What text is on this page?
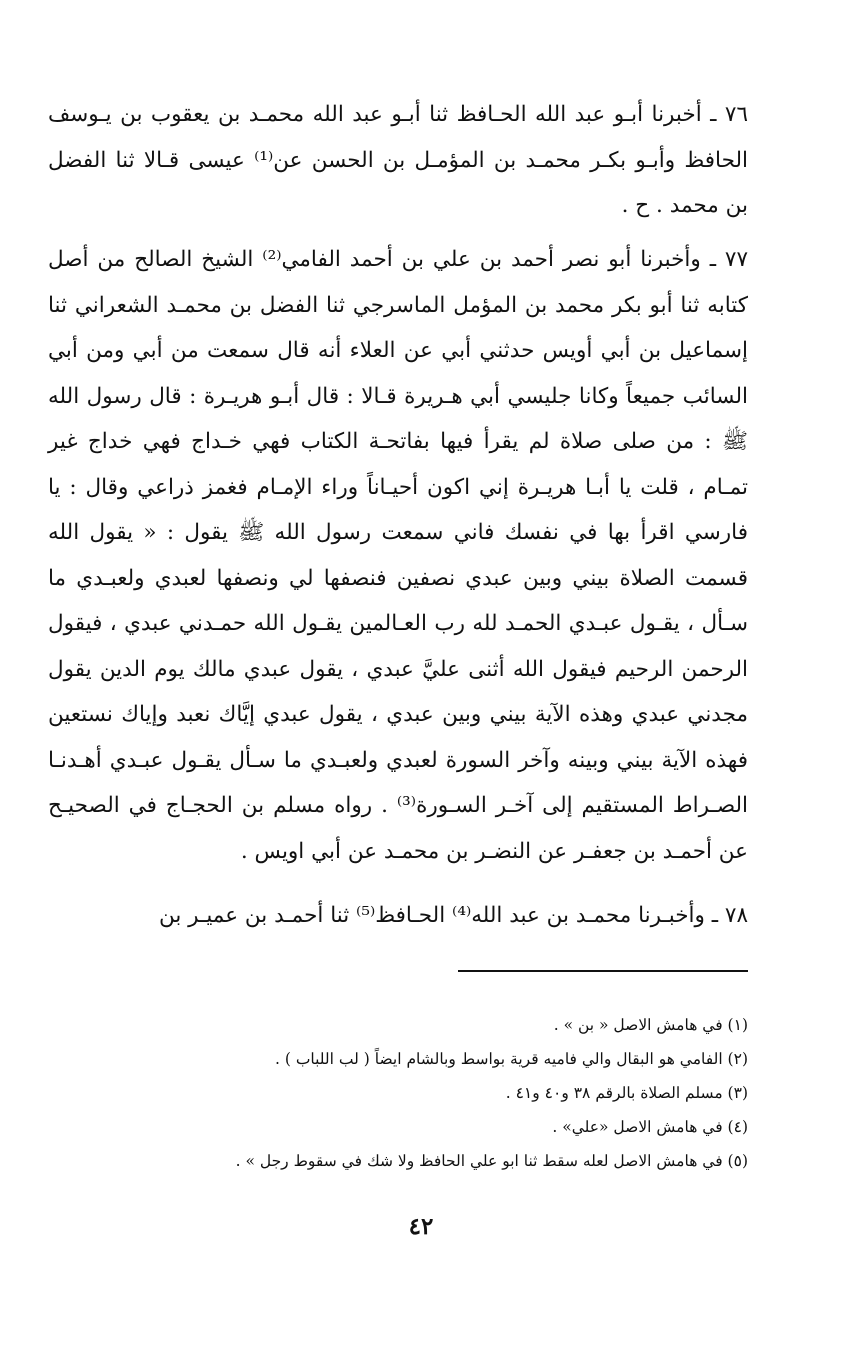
٧٦ ـ أخبرنا أبـو عبد الله الحـافظ ثنا أبـو عبد الله محمـد بن يعقوب بن يـوسف الحافظ وأبـو بكـر محمـد بن المؤمـل بن الحسن عن⁽¹⁾ عيسى قـالا ثنا الفضل بن محمد . ح .

٧٧ ـ وأخبرنا أبو نصر أحمد بن علي بن أحمد الفامي⁽²⁾ الشيخ الصالح من أصل كتابه ثنا أبو بكر محمد بن المؤمل الماسرجي ثنا الفضل بن محمـد الشعراني ثنا إسماعيل بن أبي أويس حدثني أبي عن العلاء أنه قال سمعت من أبي ومن أبي السائب جميعاً وكانا جليسي أبي هـريرة قـالا : قال أبـو هريـرة : قال رسول الله ﷺ : من صلى صلاة لم يقرأ فيها بفاتحـة الكتاب فهي خـداج فهي خداج غير تمـام ، قلت يا أبـا هريـرة إني اكون أحيـاناً وراء الإمـام فغمز ذراعي وقال : يا فارسي اقرأ بها في نفسك فاني سمعت رسول الله ﷺ يقول : « يقول الله قسمت الصلاة بيني وبين عبدي نصفين فنصفها لي ونصفها لعبدي ولعبـدي ما سـأل ، يقـول عبـدي الحمـد لله رب العـالمين يقـول الله حمـدني عبدي ، فيقول الرحمن الرحيم فيقول الله أثنى عليَّ عبدي ، يقول عبدي مالك يوم الدين يقول مجدني عبدي وهذه الآية بيني وبين عبدي ، يقول عبدي إيَّاك نعبد وإياك نستعين فهذه الآية بيني وبينه وآخر السورة لعبدي ولعبـدي ما سـأل يقـول عبـدي أهـدنـا الصـراط المستقيم إلى آخـر السـورة⁽³⁾ . رواه مسلم بن الحجـاج في الصحيـح عن أحمـد بن جعفـر عن النضـر بن محمـد عن أبي اويس .

٧٨ ـ وأخبـرنا محمـد بن عبد الله⁽⁴⁾ الحـافظ⁽⁵⁾ ثنا أحمـد بن عميـر بن

(١) في هامش الاصل « بن » .
(٢) الفامي هو البقال والي فاميه قرية بواسط وبالشام ايضاً ( لب اللباب ) .
(٣) مسلم الصلاة بالرقم ٣٨ و٤٠ و٤١ .
(٤) في هامش الاصل «علي» .
(٥) في هامش الاصل لعله سقط ثنا ابو علي الحافظ ولا شك في سقوط رجل » .
٤٢
